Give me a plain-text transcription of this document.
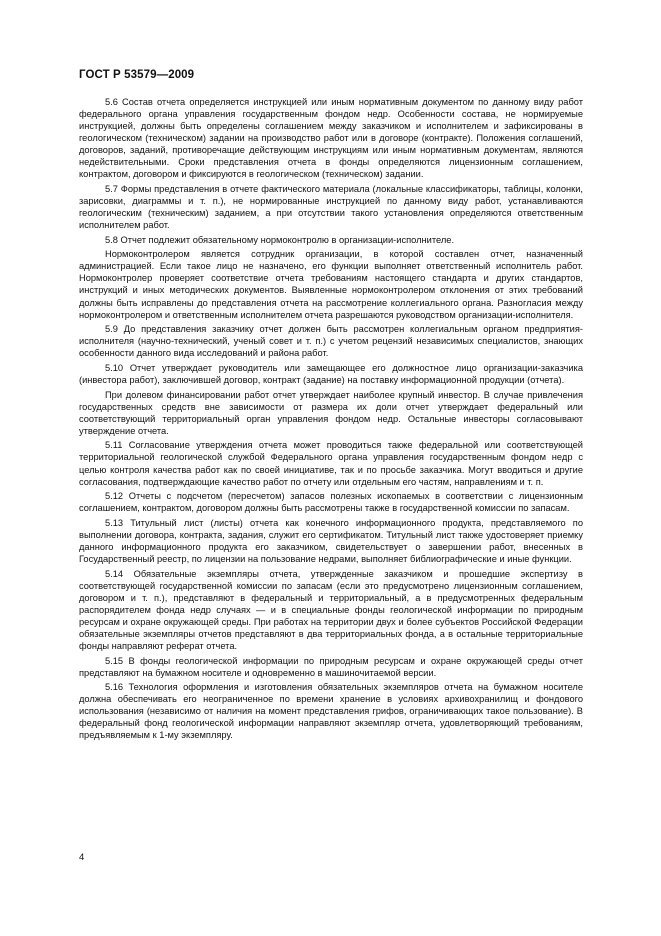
ГОСТ Р 53579—2009

5.6 Состав отчета определяется инструкцией или иным нормативным документом по данному виду работ федерального органа управления государственным фондом недр. Особенности состава, не нормируемые инструкцией, должны быть определены соглашением между заказчиком и исполнителем и зафиксированы в геологическом (техническом) задании на производство работ или в договоре (контракте). Положения соглашений, договоров, заданий, противоречащие действующим инструкциям или иным нормативным документам, являются недействительными. Сроки представления отчета в фонды определяются лицензионным соглашением, контрактом, договором и фиксируются в геологическом (техническом) задании.

5.7 Формы представления в отчете фактического материала (локальные классификаторы, таблицы, колонки, зарисовки, диаграммы и т. п.), не нормированные инструкцией по данному виду работ, устанавливаются геологическим (техническим) заданием, а при отсутствии такого установления определяются ответственным исполнителем работ.

5.8 Отчет подлежит обязательному нормоконтролю в организации-исполнителе.

Нормоконтролером является сотрудник организации, в которой составлен отчет, назначенный администрацией. Если такое лицо не назначено, его функции выполняет ответственный исполнитель работ. Нормоконтролер проверяет соответствие отчета требованиям настоящего стандарта и других стандартов, инструкций и иных методических документов. Выявленные нормоконтролером отклонения от этих требований должны быть исправлены до представления отчета на рассмотрение коллегиального органа. Разногласия между нормоконтролером и ответственным исполнителем отчета разрешаются руководством организации-исполнителя.

5.9 До представления заказчику отчет должен быть рассмотрен коллегиальным органом предприятия-исполнителя (научно-технический, ученый совет и т. п.) с учетом рецензий независимых специалистов, знающих особенности данного вида исследований и района работ.

5.10 Отчет утверждает руководитель или замещающее его должностное лицо организации-заказчика (инвестора работ), заключившей договор, контракт (задание) на поставку информационной продукции (отчета).

При долевом финансировании работ отчет утверждает наиболее крупный инвестор. В случае привлечения государственных средств вне зависимости от размера их доли отчет утверждает федеральный или соответствующий территориальный орган управления фондом недр. Остальные инвесторы согласовывают утверждение отчета.

5.11 Согласование утверждения отчета может проводиться также федеральной или соответствующей территориальной геологической службой Федерального органа управления государственным фондом недр с целью контроля качества работ как по своей инициативе, так и по просьбе заказчика. Могут вводиться и другие согласования, подтверждающие качество работ по отчету или отдельным его частям, направлениям и т. п.

5.12 Отчеты с подсчетом (пересчетом) запасов полезных ископаемых в соответствии с лицензионным соглашением, контрактом, договором должны быть рассмотрены также в государственной комиссии по запасам.

5.13 Титульный лист (листы) отчета как конечного информационного продукта, представляемого по выполнении договора, контракта, задания, служит его сертификатом. Титульный лист также удостоверяет приемку данного информационного продукта его заказчиком, свидетельствует о завершении работ, внесенных в Государственный реестр, по лицензии на пользование недрами, выполняет библиографические и иные функции.

5.14 Обязательные экземпляры отчета, утвержденные заказчиком и прошедшие экспертизу в соответствующей государственной комиссии по запасам (если это предусмотрено лицензионным соглашением, договором и т. п.), представляют в федеральный и территориальный, а в предусмотренных федеральным распорядителем фонда недр случаях — и в специальные фонды геологической информации по природным ресурсам и охране окружающей среды. При работах на территории двух и более субъектов Российской Федерации обязательные экземпляры отчетов представляют в два территориальных фонда, а в остальные территориальные фонды направляют реферат отчета.

5.15 В фонды геологической информации по природным ресурсам и охране окружающей среды отчет представляют на бумажном носителе и одновременно в машиночитаемой версии.

5.16 Технология оформления и изготовления обязательных экземпляров отчета на бумажном носителе должна обеспечивать его неограниченное по времени хранение в условиях архивохранилищ и фондового использования (независимо от наличия на момент представления грифов, ограничивающих такое пользование). В федеральный фонд геологической информации направляют экземпляр отчета, удовлетворяющий требованиям, предъявляемым к 1-му экземпляру.

4
